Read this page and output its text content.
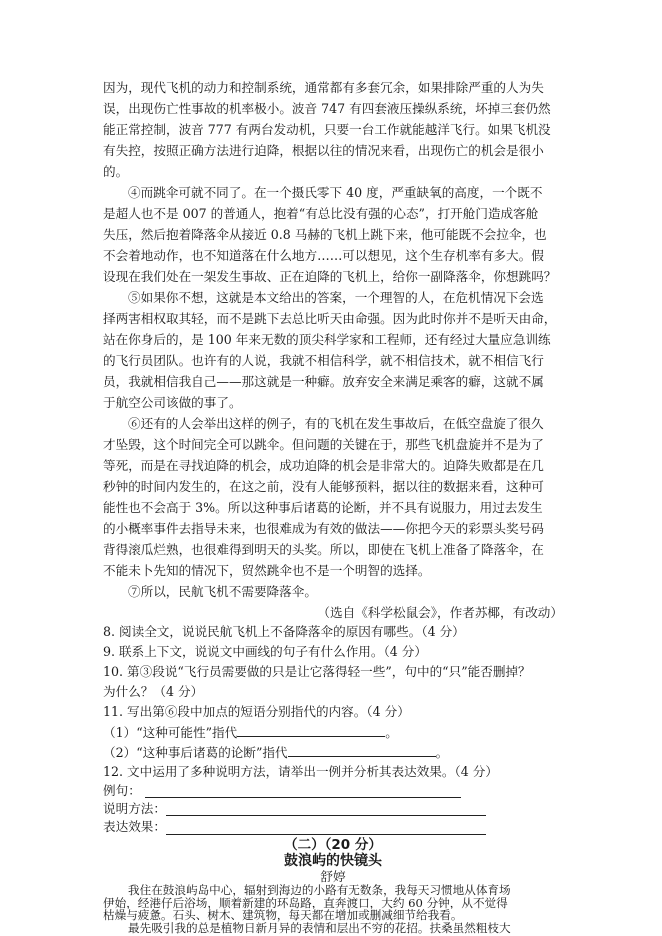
因为，现代飞机的动力和控制系统，通常都有多套冗余，如果排除严重的人为失
误，出现伤亡性事故的机率极小。波音 747 有四套液压操纵系统，坏掉三套仍然
能正常控制，波音 777 有两台发动机，只要一台工作就能越洋飞行。如果飞机没
有失控，按照正确方法进行迫降，根据以往的情况来看，出现伤亡的机会是很小
的。
④而跳伞可就不同了。在一个摄氏零下 40 度，严重缺氧的高度，一个既不
是超人也不是 007 的普通人，抱着“有总比没有强的心态”，打开舱门造成客舱
失压，然后抱着降落伞从接近 0.8 马赫的飞机上跳下来，他可能既不会拉伞，也
不会着地动作，也不知道落在什么地方……可以想见，这个生存机率有多大。假
设现在我们处在一架发生事故、正在迫降的飞机上，给你一副降落伞，你想跳吗？
⑤如果你不想，这就是本文给出的答案，一个理智的人，在危机情况下会选
择两害相权取其轻，而不是跳下去总比听天由命强。因为此时你并不是听天由命，
站在你身后的，是 100 年来无数的顶尖科学家和工程师，还有经过大量应急训练
的飞行员团队。也许有的人说，我就不相信科学，就不相信技术，就不相信飞行
员，我就相信我自己——那这就是一种癖。放弃安全来满足乘客的癖，这就不属
于航空公司该做的事了。
⑥还有的人会举出这样的例子，有的飞机在发生事故后，在低空盘旋了很久
才坠毁，这个时间完全可以跳伞。但问题的关键在于，那些飞机盘旋并不是为了
等死，而是在寻找迫降的机会，成功迫降的机会是非常大的。迫降失败都是在几
秒钟的时间内发生的，在这之前，没有人能够预料，据以往的数据来看，这种可
能性也不会高于 3%。所以这种事后诸葛的论断，并不具有说服力，用过去发生
的小概率事件去指导未来，也很难成为有效的做法——你把今天的彩票头奖号码
背得滚瓜烂熟，也很难得到明天的头奖。所以，即使在飞机上准备了降落伞，在
不能未卜先知的情况下，贸然跳伞也不是一个明智的选择。
⑦所以，民航飞机不需要降落伞。
（选自《科学松鼠会》，作者苏椰，有改动）
8. 阅读全文，说说民航飞机上不备降落伞的原因有哪些。（4 分）
9. 联系上下文，说说文中画线的句子有什么作用。（4 分）
10. 第③段说“飞行员需要做的只是让它落得轻一些”，句中的“只”能否删掉？
为什么？（4 分）
11. 写出第⑥段中加点的短语分别指代的内容。（4 分）
（1）“这种可能性”指代	。
（2）“这种事后诸葛的论断”指代	。
12. 文中运用了多种说明方法，请举出一例并分析其表达效果。（4 分）
例句：
说明方法：
表达效果：
（二）（20 分）
鼓浪屿的快镜头
舒婷
我住在鼓浪屿岛中心，辐射到海边的小路有无数条，我每天习惯地从体育场
伊始，经港仔后浴场，顺着新建的环岛路，直奔渡口，大约 60 分钟，从不觉得
枯燥与疲惫。石头、树木、建筑物，每天都在增加或删减细节给我看。
最先吸引我的总是植物日新月异的表情和层出不穷的花招。扶桑虽然粗枝大
